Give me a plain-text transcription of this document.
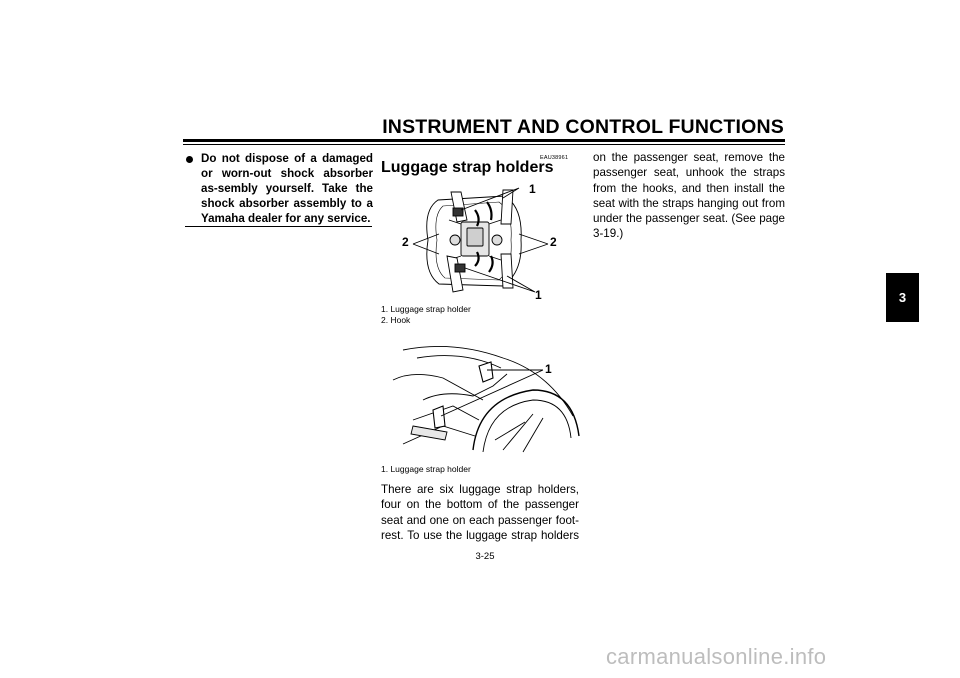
INSTRUMENT AND CONTROL FUNCTIONS
3
Do not dispose of a damaged or worn-out shock absorber as-sembly yourself. Take the shock absorber assembly to a Yamaha dealer for any service.
EAU38961
Luggage strap holders
1
2	2
1
1. Luggage strap holder
2. Hook
1
1. Luggage strap holder
There are six luggage strap holders, four on the bottom of the passenger seat and one on each passenger foot-rest. To use the luggage strap holders
on the passenger seat, remove the passenger seat, unhook the straps from the hooks, and then install the seat with the straps hanging out from under the passenger seat. (See page
3-19.)
3-25
carmanualsonline.info
